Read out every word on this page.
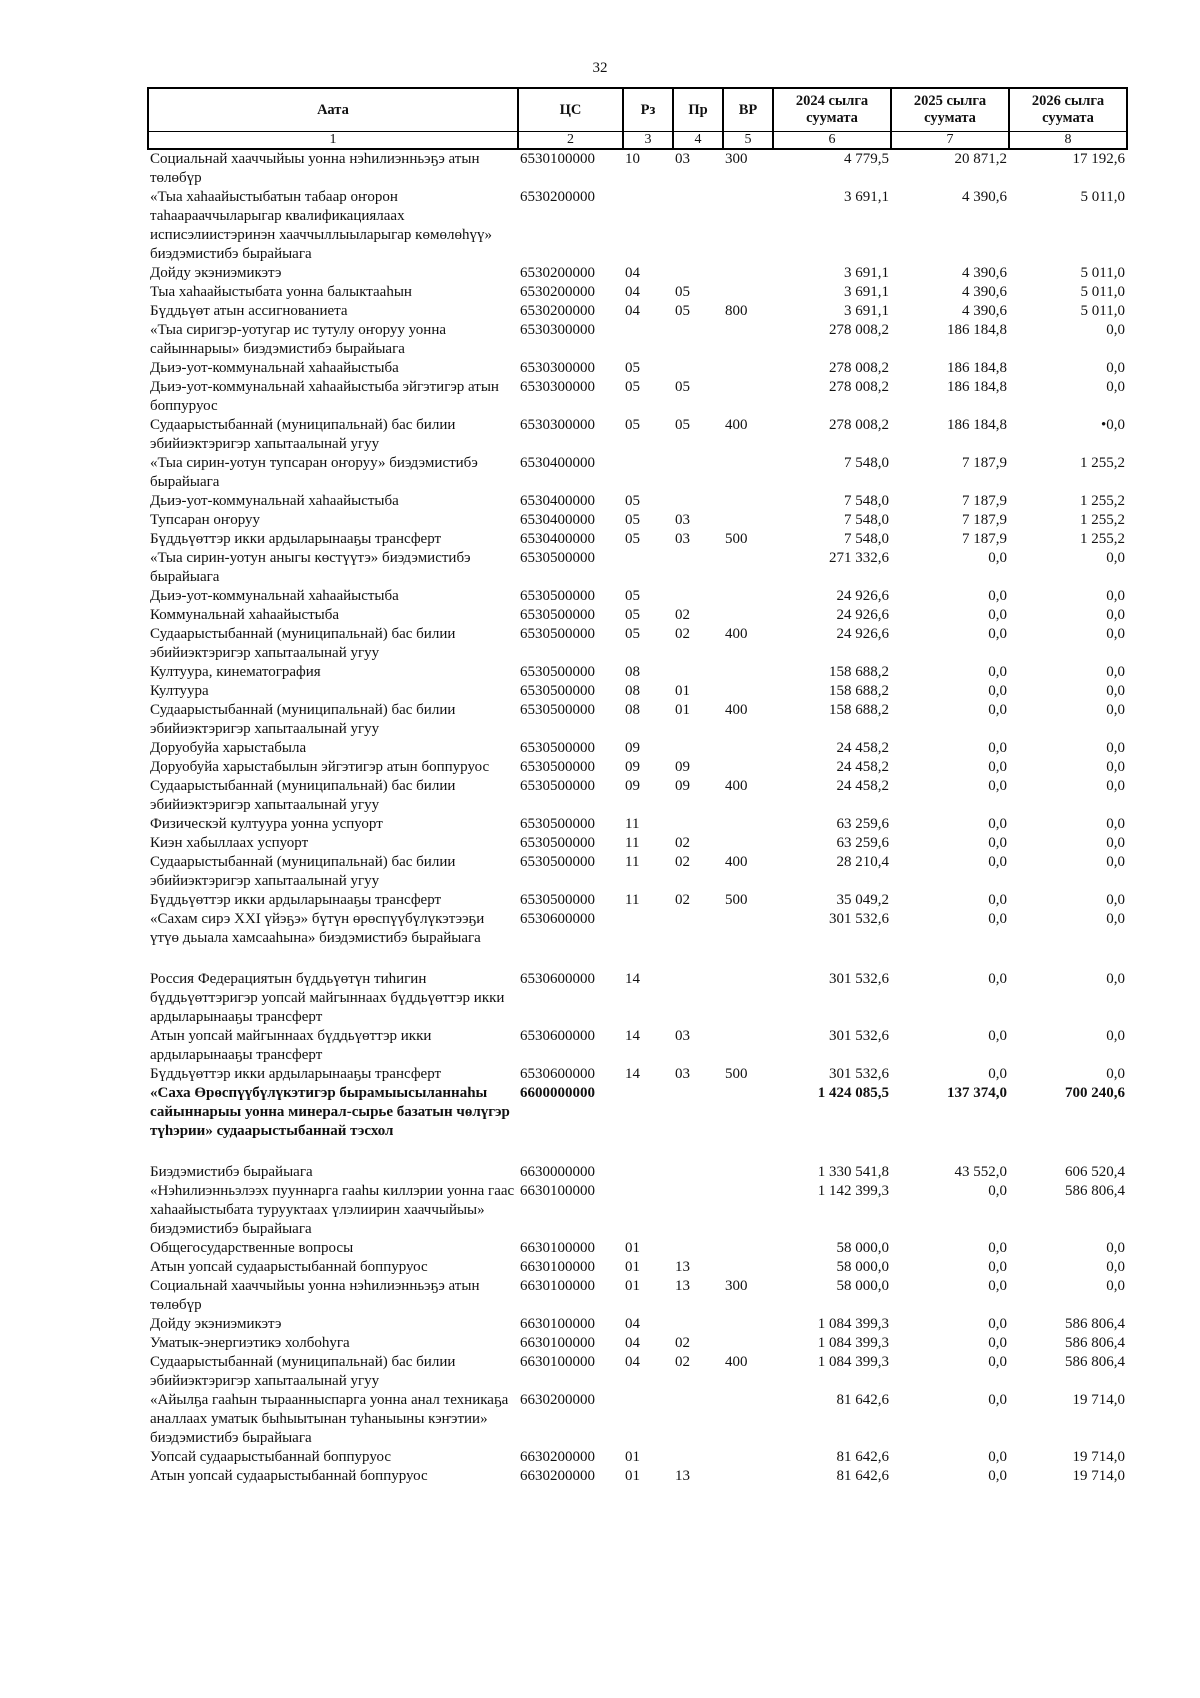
32
Аата	ЦС	Рз	Пр	ВР	2024 сылга суумата	2025 сылга суумата	2026 сылга суумата
1	2	3	4	5	6	7	8
Социальнай хааччыйыы уонна нэһилиэнньэҕэ атын төлөбүр	6530100000	10	03	300	4 779,5	20 871,2	17 192,6
«Тыа хаһаайыстыбатын табаар оҥорон таһаарааччыларыгар квалификациялаах исписэлиистэринэн хааччыллыыларыгар көмөлөһүү» биэдэмистибэ бырайыага	6530200000				3 691,1	4 390,6	5 011,0
Дойду экэниэмикэтэ	6530200000	04			3 691,1	4 390,6	5 011,0
Тыа хаһаайыстыбата уонна балыктааһын	6530200000	04	05		3 691,1	4 390,6	5 011,0
Бүддьүөт атын ассигнованиета	6530200000	04	05	800	3 691,1	4 390,6	5 011,0
«Тыа сиригэр-уотугар ис тутулу оҥоруу уонна сайыннарыы» биэдэмистибэ бырайыага	6530300000				278 008,2	186 184,8	0,0
Дьиэ-уот-коммунальнай хаһаайыстыба	6530300000	05			278 008,2	186 184,8	0,0
Дьиэ-уот-коммунальнай хаһаайыстыба эйгэтигэр атын боппуруос	6530300000	05	05		278 008,2	186 184,8	0,0
Судаарыстыбаннай (муниципальнай) бас билии эбийиэктэригэр хапытаалынай угуу	6530300000	05	05	400	278 008,2	186 184,8	•0,0
«Тыа сирин-уотун тупсаран оҥоруу» биэдэмистибэ бырайыага	6530400000				7 548,0	7 187,9	1 255,2
Дьиэ-уот-коммунальнай хаһаайыстыба	6530400000	05			7 548,0	7 187,9	1 255,2
Тупсаран оҥоруу	6530400000	05	03		7 548,0	7 187,9	1 255,2
Бүддьүөттэр икки ардыларынааҕы трансферт	6530400000	05	03	500	7 548,0	7 187,9	1 255,2
«Тыа сирин-уотун аныгы көстүүтэ» биэдэмистибэ бырайыага	6530500000				271 332,6	0,0	0,0
Дьиэ-уот-коммунальнай хаһаайыстыба	6530500000	05			24 926,6	0,0	0,0
Коммунальнай хаһаайыстыба	6530500000	05	02		24 926,6	0,0	0,0
Судаарыстыбаннай (муниципальнай) бас билии эбийиэктэригэр хапытаалынай угуу	6530500000	05	02	400	24 926,6	0,0	0,0
Култуура, кинематография	6530500000	08			158 688,2	0,0	0,0
Култуура	6530500000	08	01		158 688,2	0,0	0,0
Судаарыстыбаннай (муниципальнай) бас билии эбийиэктэригэр хапытаалынай угуу	6530500000	08	01	400	158 688,2	0,0	0,0
Доруобуйа харыстабыла	6530500000	09			24 458,2	0,0	0,0
Доруобуйа харыстабылын эйгэтигэр атын боппуруос	6530500000	09	09		24 458,2	0,0	0,0
Судаарыстыбаннай (муниципальнай) бас билии эбийиэктэригэр хапытаалынай угуу	6530500000	09	09	400	24 458,2	0,0	0,0
Физическэй култуура уонна успуорт	6530500000	11			63 259,6	0,0	0,0
Киэн хабыллаах успуорт	6530500000	11	02		63 259,6	0,0	0,0
Судаарыстыбаннай (муниципальнай) бас билии эбийиэктэригэр хапытаалынай угуу	6530500000	11	02	400	28 210,4	0,0	0,0
Бүддьүөттэр икки ардыларынааҕы трансферт	6530500000	11	02	500	35 049,2	0,0	0,0
«Сахам сирэ XXI үйэҕэ» бүтүн өрөспүүбүлүкэтээҕи үтүө дьыала хамсааһына» биэдэмистибэ бырайыага	6530600000				301 532,6	0,0	0,0
Россия Федерациятын бүддьүөтүн тиһигин бүддьүөттэригэр уопсай майгыннаах бүддьүөттэр икки ардыларынааҕы трансферт	6530600000	14			301 532,6	0,0	0,0
Атын уопсай майгыннаах бүддьүөттэр икки ардыларынааҕы трансферт	6530600000	14	03		301 532,6	0,0	0,0
Бүддьүөттэр икки ардыларынааҕы трансферт	6530600000	14	03	500	301 532,6	0,0	0,0
«Саха Өрөспүүбүлүкэтигэр бырамыысыланнаһы сайыннарыы уонна минерал-сырье базатын чөлүгэр түһэрии» судаарыстыбаннай тэсхол	6600000000				1 424 085,5	137 374,0	700 240,6
Биэдэмистибэ бырайыага	6630000000				1 330 541,8	43 552,0	606 520,4
«Нэһилиэнньэлээх пууннарга гааһы киллэрии уонна гаас хаһаайыстыбата турууктаах үлэлиирин хааччыйыы» биэдэмистибэ бырайыага	6630100000				1 142 399,3	0,0	586 806,4
Общегосударственные вопросы	6630100000	01			58 000,0	0,0	0,0
Атын уопсай судаарыстыбаннай боппуруос	6630100000	01	13		58 000,0	0,0	0,0
Социальнай хааччыйыы уонна нэһилиэнньэҕэ атын төлөбүр	6630100000	01	13	300	58 000,0	0,0	0,0
Дойду экэниэмикэтэ	6630100000	04			1 084 399,3	0,0	586 806,4
Уматык-энергиэтикэ холбоһуга	6630100000	04	02		1 084 399,3	0,0	586 806,4
Судаарыстыбаннай (муниципальнай) бас билии эбийиэктэригэр хапытаалынай угуу	6630100000	04	02	400	1 084 399,3	0,0	586 806,4
«Айылҕа гааһын тыраанныспарга уонна анал техникаҕа аналлаах уматык быһыытынан туһаныыны кэҥэтии» биэдэмистибэ бырайыага	6630200000				81 642,6	0,0	19 714,0
Уопсай судаарыстыбаннай боппуруос	6630200000	01			81 642,6	0,0	19 714,0
Атын уопсай судаарыстыбаннай боппуруос	6630200000	01	13		81 642,6	0,0	19 714,0
